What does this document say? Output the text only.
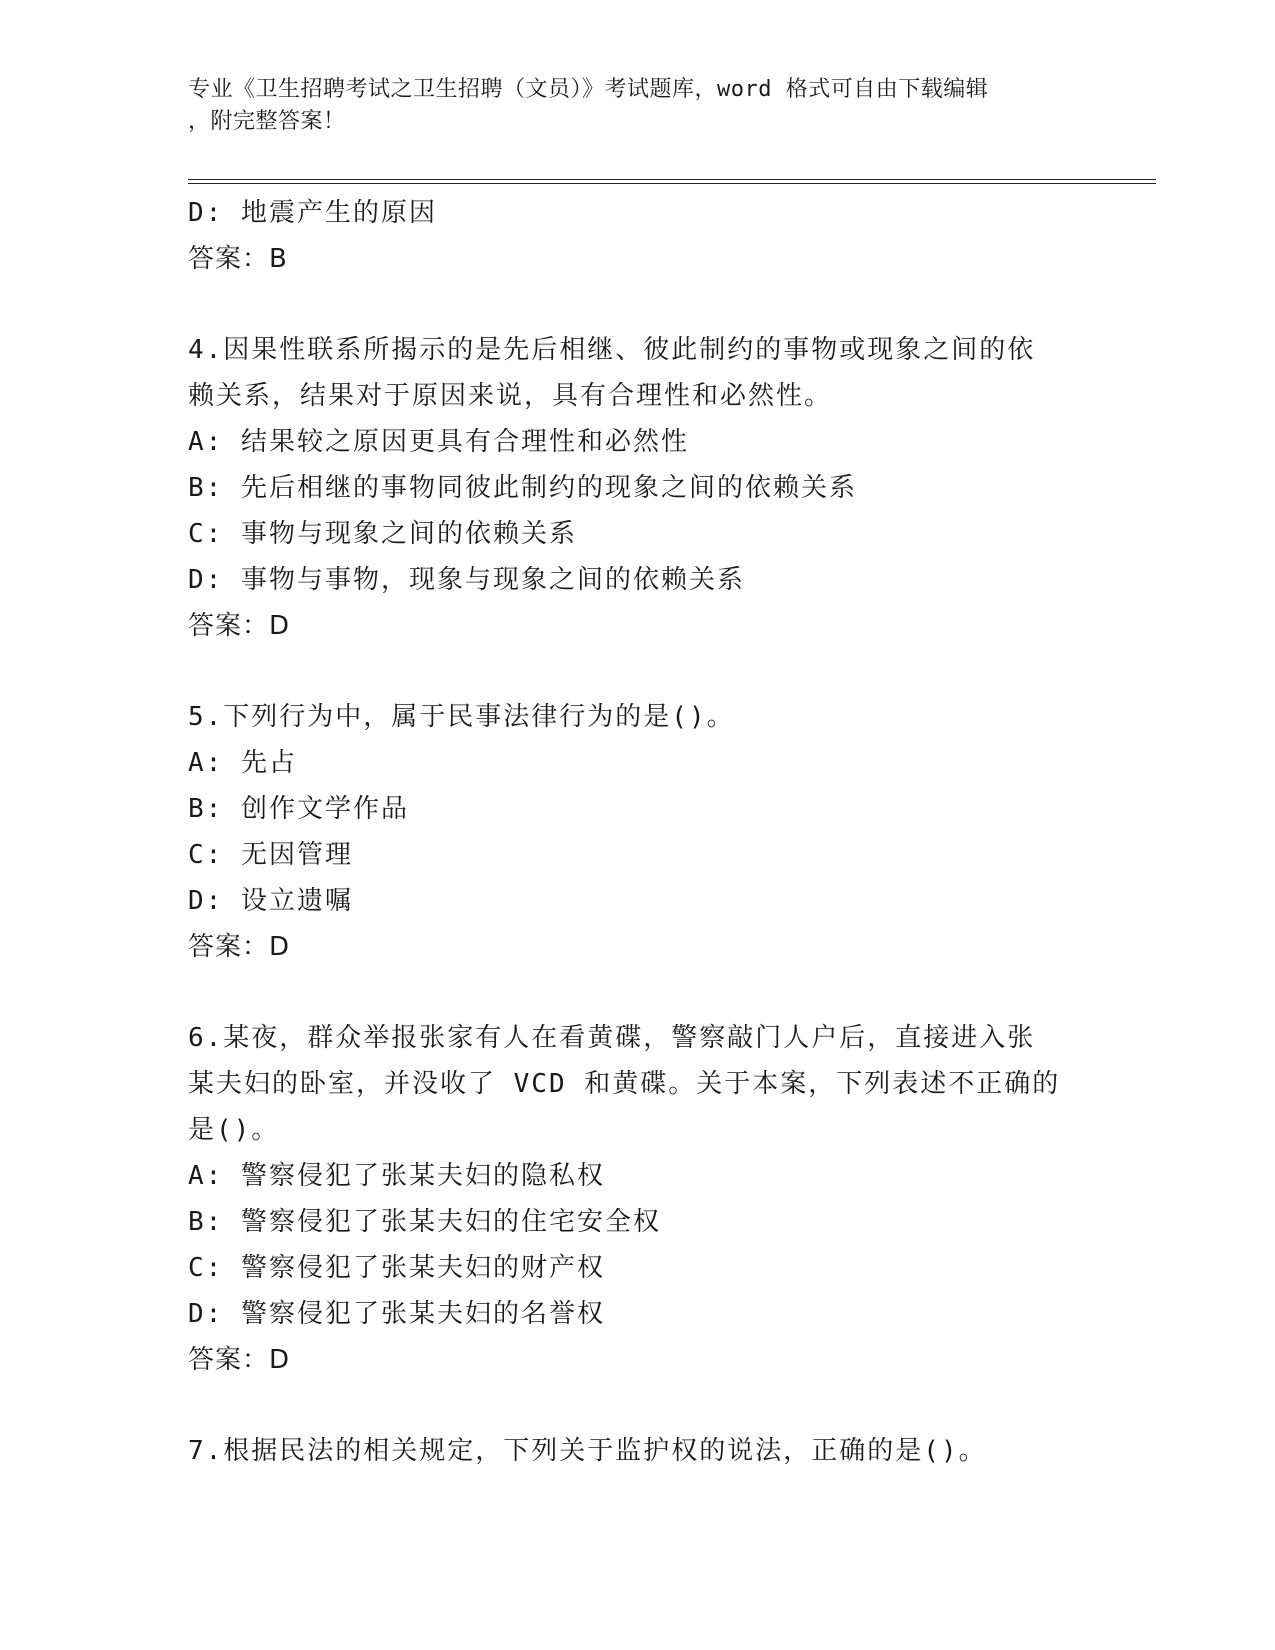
专业《卫生招聘考试之卫生招聘（文员）》考试题库，word 格式可自由下载编辑
，附完整答案！
D: 地震产生的原因
答案：B
4.因果性联系所揭示的是先后相继、彼此制约的事物或现象之间的依
赖关系，结果对于原因来说，具有合理性和必然性。
A: 结果较之原因更具有合理性和必然性
B: 先后相继的事物同彼此制约的现象之间的依赖关系
C: 事物与现象之间的依赖关系
D: 事物与事物，现象与现象之间的依赖关系
答案：D
5.下列行为中，属于民事法律行为的是()。
A: 先占
B: 创作文学作品
C: 无因管理
D: 设立遗嘱
答案：D
6.某夜，群众举报张家有人在看黄碟，警察敲门人户后，直接进入张
某夫妇的卧室，并没收了 VCD 和黄碟。关于本案，下列表述不正确的
是()。
A: 警察侵犯了张某夫妇的隐私权
B: 警察侵犯了张某夫妇的住宅安全权
C: 警察侵犯了张某夫妇的财产权
D: 警察侵犯了张某夫妇的名誉权
答案：D
7.根据民法的相关规定，下列关于监护权的说法，正确的是()。
